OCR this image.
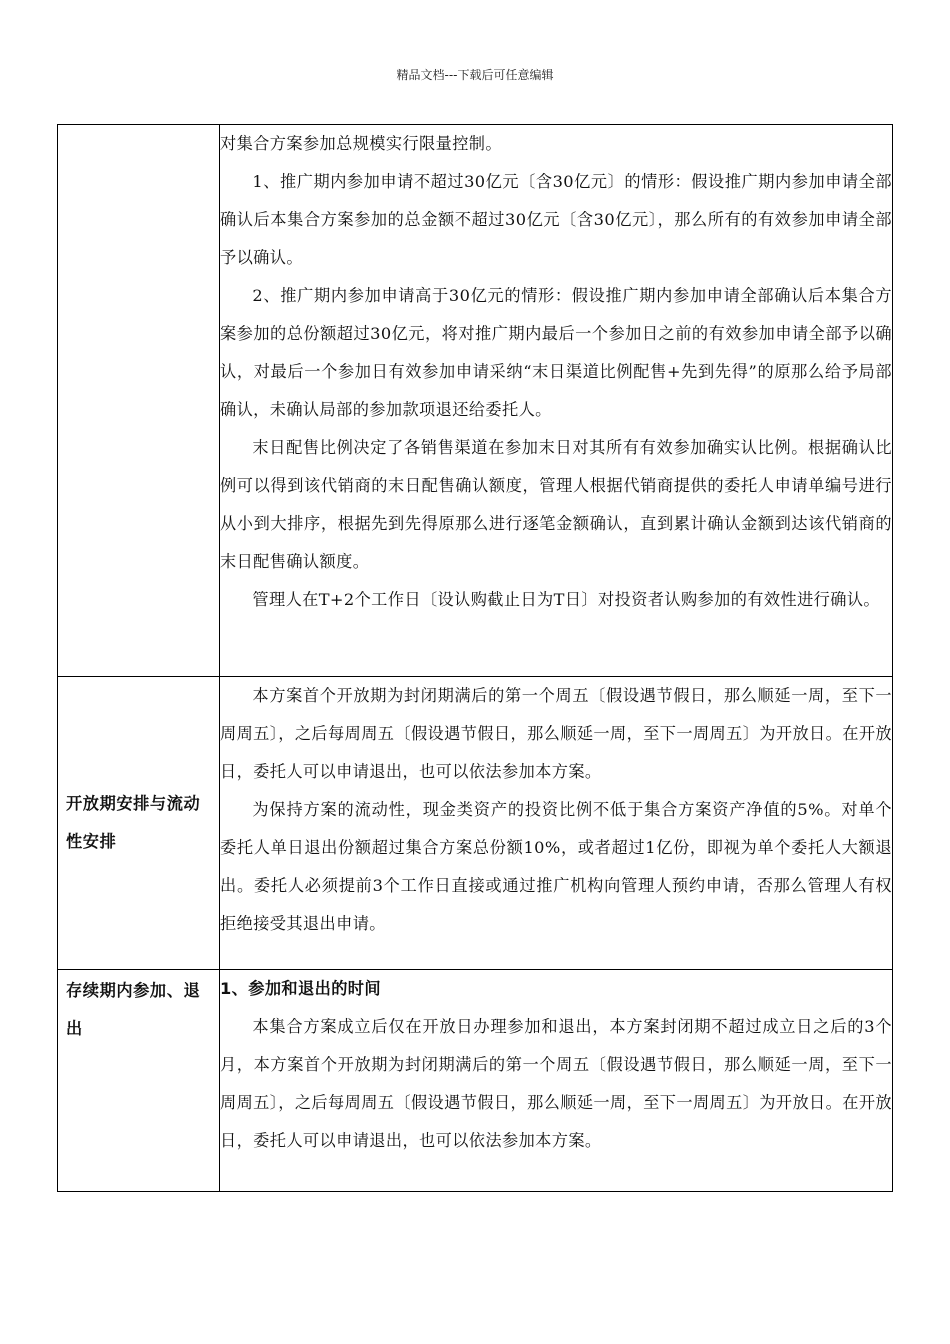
精品文档---下载后可任意编辑

	对集合方案参加总规模实行限量控制。

1、推广期内参加申请不超过30亿元〔含30亿元〕的情形：假设推广期内参加申请全部确认后本集合方案参加的总金额不超过30亿元〔含30亿元〕，那么所有的有效参加申请全部予以确认。

2、推广期内参加申请高于30亿元的情形：假设推广期内参加申请全部确认后本集合方案参加的总份额超过30亿元，将对推广期内最后一个参加日之前的有效参加申请全部予以确认，对最后一个参加日有效参加申请采纳“末日渠道比例配售+先到先得”的原那么给予局部确认，未确认局部的参加款项退还给委托人。

末日配售比例决定了各销售渠道在参加末日对其所有有效参加确实认比例。根据确认比例可以得到该代销商的末日配售确认额度，管理人根据代销商提供的委托人申请单编号进行从小到大排序，根据先到先得原那么进行逐笔金额确认，直到累计确认金额到达该代销商的末日配售确认额度。

管理人在T+2个工作日〔设认购截止日为T日〕对投资者认购参加的有效性进行确认。

开放期安排与流动性安排	本方案首个开放期为封闭期满后的第一个周五〔假设遇节假日，那么顺延一周，至下一周周五〕，之后每周周五〔假设遇节假日，那么顺延一周，至下一周周五〕为开放日。在开放日，委托人可以申请退出，也可以依法参加本方案。

为保持方案的流动性，现金类资产的投资比例不低于集合方案资产净值的5%。对单个委托人单日退出份额超过集合方案总份额10%，或者超过1亿份，即视为单个委托人大额退出。委托人必须提前3个工作日直接或通过推广机构向管理人预约申请，否那么管理人有权拒绝接受其退出申请。

存续期内参加、退出	1、参加和退出的时间

本集合方案成立后仅在开放日办理参加和退出，本方案封闭期不超过成立日之后的3个月，本方案首个开放期为封闭期满后的第一个周五〔假设遇节假日，那么顺延一周，至下一周周五〕，之后每周周五〔假设遇节假日，那么顺延一周，至下一周周五〕为开放日。在开放日，委托人可以申请退出，也可以依法参加本方案。
